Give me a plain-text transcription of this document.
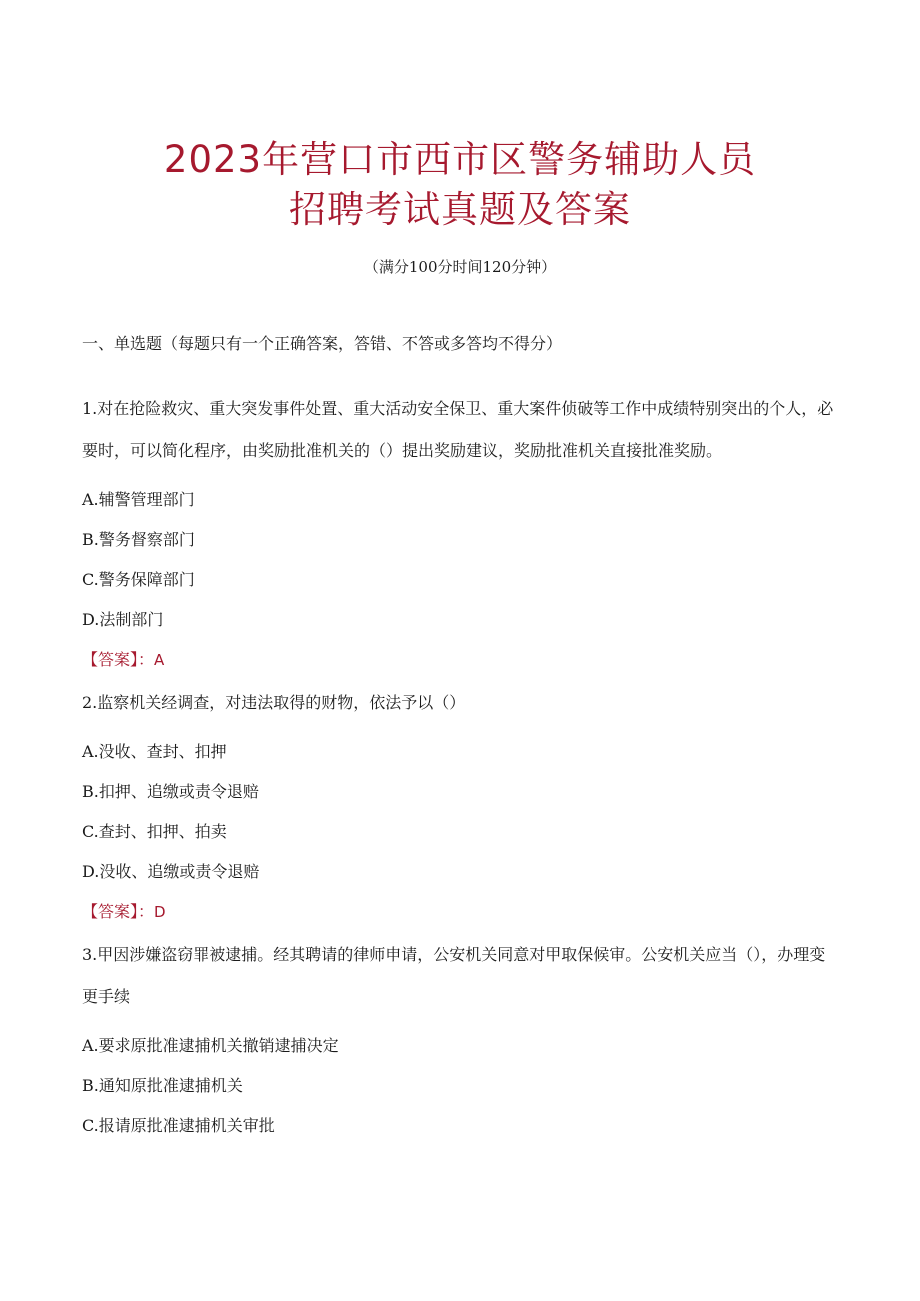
2023年营口市西市区警务辅助人员
招聘考试真题及答案
（满分100分时间120分钟）
一、单选题（每题只有一个正确答案，答错、不答或多答均不得分）
1.对在抢险救灾、重大突发事件处置、重大活动安全保卫、重大案件侦破等工作中成绩特别突出的个人，必要时，可以简化程序，由奖励批准机关的（）提出奖励建议，奖励批准机关直接批准奖励。
A.辅警管理部门
B.警务督察部门
C.警务保障部门
D.法制部门
【答案】：A
2.监察机关经调查，对违法取得的财物，依法予以（）
A.没收、查封、扣押
B.扣押、追缴或责令退赔
C.查封、扣押、拍卖
D.没收、追缴或责令退赔
【答案】：D
3.甲因涉嫌盗窃罪被逮捕。经其聘请的律师申请，公安机关同意对甲取保候审。公安机关应当（），办理变更手续
A.要求原批准逮捕机关撤销逮捕决定
B.通知原批准逮捕机关
C.报请原批准逮捕机关审批
